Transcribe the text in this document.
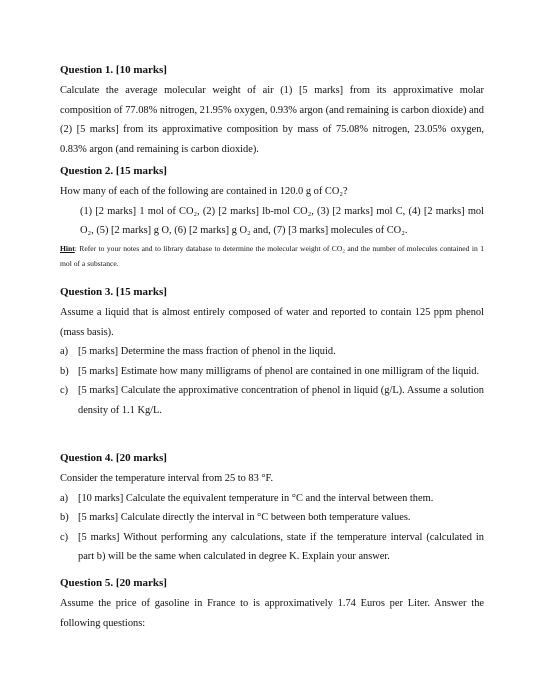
Question 1. [10 marks]

Calculate the average molecular weight of air (1) [5 marks] from its approximative molar composition of 77.08% nitrogen, 21.95% oxygen, 0.93% argon (and remaining is carbon dioxide) and (2) [5 marks] from its approximative composition by mass of 75.08% nitrogen, 23.05% oxygen, 0.83% argon (and remaining is carbon dioxide).

Question 2. [15 marks]

How many of each of the following are contained in 120.0 g of CO₂?

(1) [2 marks] 1 mol of CO₂, (2) [2 marks] lb-mol CO₂, (3) [2 marks] mol C, (4) [2 marks] mol O₂, (5) [2 marks] g O, (6) [2 marks] g O₂ and, (7) [3 marks] molecules of CO₂.

Hint: Refer to your notes and to library database to determine the molecular weight of CO₂ and the number of molecules contained in 1 mol of a substance.

Question 3. [15 marks]

Assume a liquid that is almost entirely composed of water and reported to contain 125 ppm phenol (mass basis).

a) [5 marks] Determine the mass fraction of phenol in the liquid.
b) [5 marks] Estimate how many milligrams of phenol are contained in one milligram of the liquid.
c) [5 marks] Calculate the approximative concentration of phenol in liquid (g/L). Assume a solution density of 1.1 Kg/L.

Question 4. [20 marks]

Consider the temperature interval from 25 to 83 °F.

a) [10 marks] Calculate the equivalent temperature in °C and the interval between them.
b) [5 marks] Calculate directly the interval in °C between both temperature values.
c) [5 marks] Without performing any calculations, state if the temperature interval (calculated in part b) will be the same when calculated in degree K. Explain your answer.

Question 5. [20 marks]

Assume the price of gasoline in France to is approximatively 1.74 Euros per Liter. Answer the following questions:
